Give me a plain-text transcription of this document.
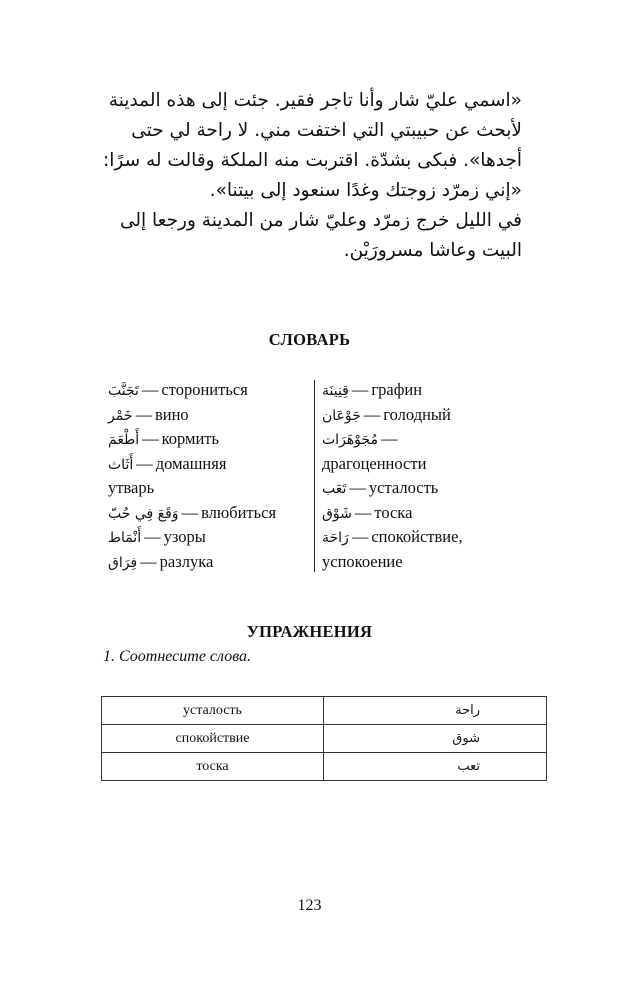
«اسمي عليّ شار وأنا تاجر فقير. جئت إلى هذه المدينة
لأبحث عن حبيبتي التي اختفت مني. لا راحة لي حتى
أجدها». فبكى بشدّة. اقتربت منه الملكة وقالت له سرًا:
«إني زمرّد زوجتك وغدًا سنعود إلى بيتنا».
في الليل خرج زمرّد وعليّ شار من المدينة ورجعا إلى
البيت وعاشا مسرورَيْن.
СЛОВАРЬ
تَجَنَّبَ — сторониться
خَمْر — вино
أَطْعَمَ — кормить
أَثَاث — домашняя
утварь
وَقَعَ فِي حُبّ — влюбиться
أَنْمَاط — узоры
فِرَاق — разлука
قِنِينَة — графин
جَوْعَان — голодный
مُجَوْهَرَات —
драгоценности
تَعَب — усталость
شَوْق — тоска
رَاحَة — спокойствие,
успокоение
УПРАЖНЕНИЯ
1. Соотнесите слова.
усталость	راحة
спокойствие	شوق
тоска	تعب
123
